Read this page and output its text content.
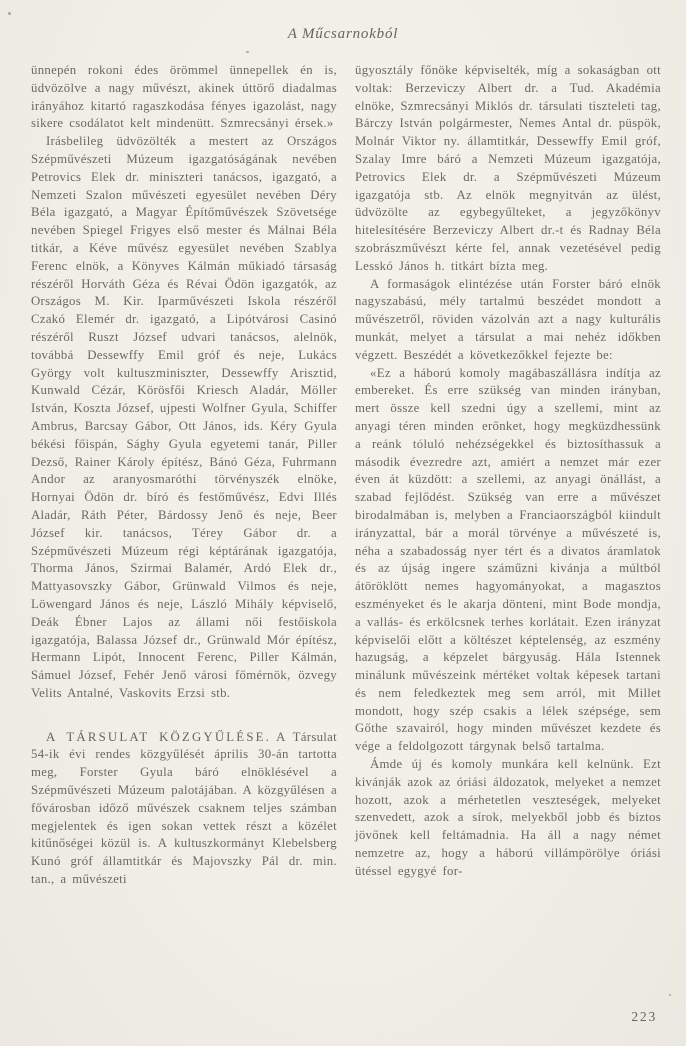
A Műcsarnokból

ünnepén rokoni édes örömmel ünnepellek én is, üdvözölve a nagy művészt, akinek úttörő diadalmas irányához kitartó ragaszkodása fényes igazolást, nagy sikere csodálatot kelt mindenütt. Szmrecsányi érsek.»

Irásbelileg üdvözölték a mestert az Országos Szépművészeti Múzeum igazgatóságának nevében Petrovics Elek dr. miniszteri tanácsos, igazgató, a Nemzeti Szalon művészeti egyesület nevében Déry Béla igazgató, a Magyar Építőművészek Szövetsége nevében Spiegel Frigyes első mester és Málnai Béla titkár, a Kéve művész egyesület nevében Szablya Ferenc elnök, a Könyves Kálmán műkiadó társaság részéről Horváth Géza és Révai Ödön igazgatók, az Országos M. Kir. Iparművészeti Iskola részéről Czakó Elemér dr. igazgató, a Lipótvárosi Casinó részéről Ruszt József udvari tanácsos, alelnök, továbbá Dessewffy Emil gróf és neje, Lukács György volt kultuszminiszter, Dessewffy Arisztid, Kunwald Cézár, Körösfői Kriesch Aladár, Möller István, Koszta József, ujpesti Wolfner Gyula, Schiffer Ambrus, Barcsay Gábor, Ott János, ids. Kéry Gyula békési főispán, Sághy Gyula egyetemi tanár, Piller Dezső, Rainer Károly építész, Bánó Géza, Fuhrmann Andor az aranyosmaróthi törvényszék elnöke, Hornyai Ödön dr. bíró és festőművész, Edvi Illés Aladár, Ráth Péter, Bárdossy Jenő és neje, Beer József kir. tanácsos, Térey Gábor dr. a Szépművészeti Múzeum régi képtárának igazgatója, Thorma János, Szirmai Balamér, Ardó Elek dr., Mattyasovszky Gábor, Grünwald Vilmos és neje, Löwengard János és neje, László Mihály képviselő, Deák Ébner Lajos az állami női festőiskola igazgatója, Balassa József dr., Grünwald Mór építész, Hermann Lipót, Innocent Ferenc, Piller Kálmán, Sámuel József, Fehér Jenő városi főmérnök, özvegy Velits Antalné, Vaskovits Erzsi stb.

A TÁRSULAT KÖZGYŰLÉSE. A Társulat 54-ik évi rendes közgyűlését április 30-án tartotta meg, Forster Gyula báró elnöklésével a Szépművészeti Múzeum palotájában. A közgyűlésen a fővárosban időző művészek csaknem teljes számban megjelentek és igen sokan vettek részt a közélet kitűnőségei közül is. A kultuszkormányt Klebelsberg Kunó gróf államtitkár és Majovszky Pál dr. min. tan., a művészeti

ügyosztály főnöke képviselték, míg a sokaságban ott voltak: Berzeviczy Albert dr. a Tud. Akadémia elnöke, Szmrecsányi Miklós dr. társulati tiszteleti tag, Bárczy István polgármester, Nemes Antal dr. püspök, Molnár Viktor ny. államtitkár, Dessewffy Emil gróf, Szalay Imre báró a Nemzeti Múzeum igazgatója, Petrovics Elek dr. a Szépművészeti Múzeum igazgatója stb. Az elnök megnyitván az ülést, üdvözölte az egybegyűlteket, a jegyzőkönyv hitelesítésére Berzeviczy Albert dr.-t és Radnay Béla szobrászművészt kérte fel, annak vezetésével pedig Lesskó János h. titkárt bízta meg.

A formaságok elintézése után Forster báró elnök nagyszabású, mély tartalmú beszédet mondott a művészetről, röviden vázolván azt a nagy kulturális munkát, melyet a társulat a mai nehéz időkben végzett. Beszédét a következőkkel fejezte be:

«Ez a háború komoly magábaszállásra indítja az embereket. És erre szükség van minden irányban, mert össze kell szedni úgy a szellemi, mint az anyagi téren minden erőnket, hogy megküzdhessünk a reánk tóluló nehézségekkel és biztosíthassuk a második évezredre azt, amiért a nemzet már ezer éven át küzdött: a szellemi, az anyagi önállást, a szabad fejlődést. Szükség van erre a művészet birodalmában is, melyben a Franciaországból kiindult irányzattal, bár a morál törvénye a művészeté is, néha a szabadosság nyer tért és a divatos áramlatok és az újság ingere száműzni kivánja a múltból átöröklött nemes hagyományokat, a magasztos eszményeket és le akarja dönteni, mint Bode mondja, a vallás- és erkölcsnek terhes korlátait. Ezen irányzat képviselői előtt a költészet képtelenség, az eszmény hazugság, a képzelet bárgyuság. Hála Istennek minálunk művészeink mértéket voltak képesek tartani és nem feledkeztek meg sem arról, mit Millet mondott, hogy szép csakis a lélek szépsége, sem Gőthe szavairól, hogy minden művészet kezdete és vége a feldolgozott tárgynak belső tartalma.

Ámde új és komoly munkára kell kelnünk. Ezt kivánják azok az óriási áldozatok, melyeket a nemzet hozott, azok a mérhetetlen veszteségek, melyeket szenvedett, azok a sírok, melyekből jobb és biztos jövőnek kell feltámadnia. Ha áll a nagy német nemzetre az, hogy a háború villámpörölye óriási ütéssel egygyé for-

223
